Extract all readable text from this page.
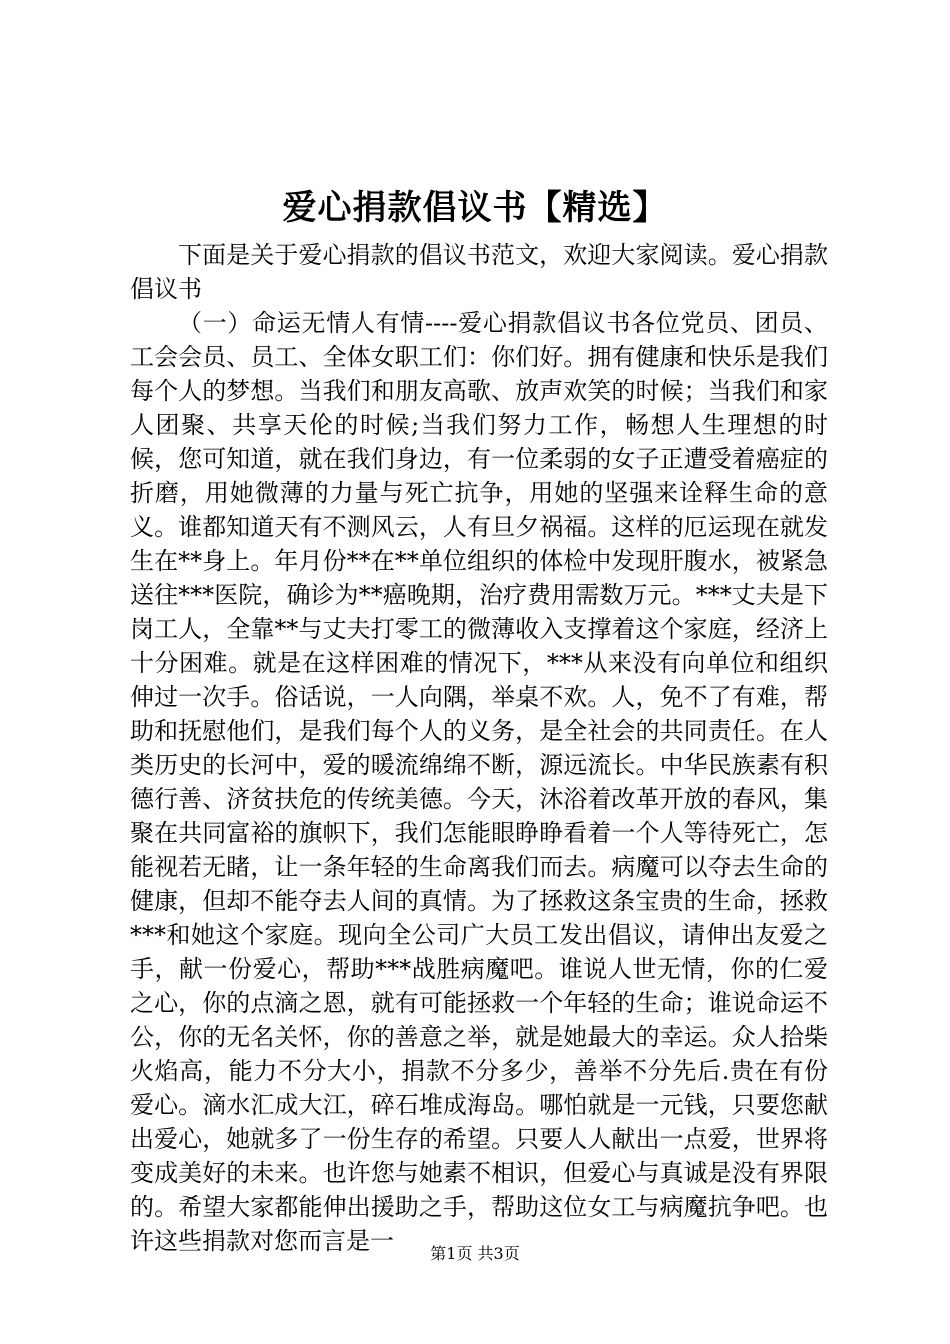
爱心捐款倡议书【精选】

下面是关于爱心捐款的倡议书范文，欢迎大家阅读。爱心捐款倡议书

（一）命运无情人有情----爱心捐款倡议书各位党员、团员、工会会员、员工、全体女职工们：你们好。拥有健康和快乐是我们每个人的梦想。当我们和朋友高歌、放声欢笑的时候；当我们和家人团聚、共享天伦的时候;当我们努力工作，畅想人生理想的时候，您可知道，就在我们身边，有一位柔弱的女子正遭受着癌症的折磨，用她微薄的力量与死亡抗争，用她的坚强来诠释生命的意义。谁都知道天有不测风云，人有旦夕祸福。这样的厄运现在就发生在**身上。年月份**在**单位组织的体检中发现肝腹水，被紧急送往***医院，确诊为**癌晚期，治疗费用需数万元。***丈夫是下岗工人，全靠**与丈夫打零工的微薄收入支撑着这个家庭，经济上十分困难。就是在这样困难的情况下，***从来没有向单位和组织伸过一次手。俗话说，一人向隅，举桌不欢。人，免不了有难，帮助和抚慰他们，是我们每个人的义务，是全社会的共同责任。在人类历史的长河中，爱的暖流绵绵不断，源远流长。中华民族素有积德行善、济贫扶危的传统美德。今天，沐浴着改革开放的春风，集聚在共同富裕的旗帜下，我们怎能眼睁睁看着一个人等待死亡，怎能视若无睹，让一条年轻的生命离我们而去。病魔可以夺去生命的健康，但却不能夺去人间的真情。为了拯救这条宝贵的生命，拯救***和她这个家庭。现向全公司广大员工发出倡议，请伸出友爱之手，献一份爱心，帮助***战胜病魔吧。谁说人世无情，你的仁爱之心，你的点滴之恩，就有可能拯救一个年轻的生命；谁说命运不公，你的无名关怀，你的善意之举，就是她最大的幸运。众人拾柴火焰高，能力不分大小，捐款不分多少，善举不分先后.贵在有份爱心。滴水汇成大江，碎石堆成海岛。哪怕就是一元钱，只要您献出爱心，她就多了一份生存的希望。只要人人献出一点爱，世界将变成美好的未来。也许您与她素不相识，但爱心与真诚是没有界限的。希望大家都能伸出援助之手，帮助这位女工与病魔抗争吧。也许这些捐款对您而言是一	第1页 共3页
